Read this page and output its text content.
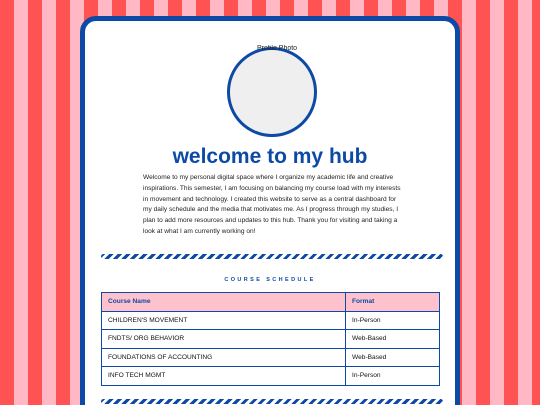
Profile Photo
welcome to my hub

Welcome to my personal digital space where I organize my academic life and creative inspirations. This semester, I am focusing on balancing my course load with my interests in movement and technology. I created this website to serve as a central dashboard for my daily schedule and the media that motivates me. As I progress through my studies, I plan to add more resources and updates to this hub. Thank you for visiting and taking a look at what I am currently working on!

COURSE SCHEDULE
Course Name	Format
CHILDREN'S MOVEMENT	In-Person
FNDTS/ ORG BEHAVIOR	Web-Based
FOUNDATIONS OF ACCOUNTING	Web-Based
INFO TECH MGMT	In-Person
